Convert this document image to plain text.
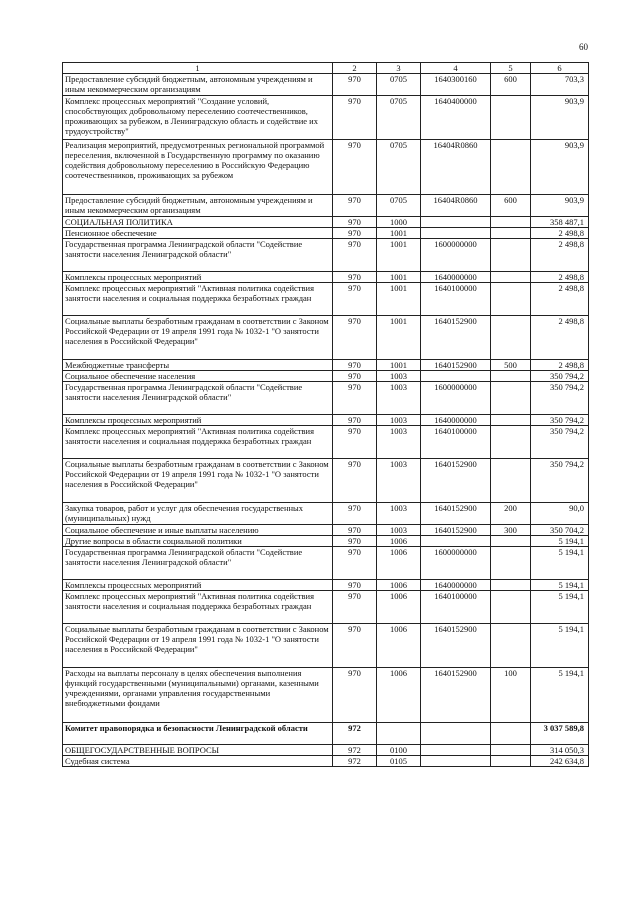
60
1	2	3	4	5	6
Предоставление субсидий бюджетным, автономным учреждениям и иным некоммерческим организациям	970	0705	1640300160	600	703,3
Комплекс процессных мероприятий "Создание условий, способствующих добровольному переселению соотечественников, проживающих за рубежом, в Ленинградскую область и содействие их трудоустройству"	970	0705	1640400000		903,9
Реализация мероприятий, предусмотренных региональной программой переселения, включенной в Государственную программу по оказанию содействия добровольному переселению в Российскую Федерацию соотечественников, проживающих за рубежом	970	0705	16404R0860		903,9
Предоставление субсидий бюджетным, автономным учреждениям и иным некоммерческим организациям	970	0705	16404R0860	600	903,9
СОЦИАЛЬНАЯ ПОЛИТИКА	970	1000			358 487,1
Пенсионное обеспечение	970	1001			2 498,8
Государственная программа Ленинградской области "Содействие занятости населения Ленинградской области"	970	1001	1600000000		2 498,8
Комплексы процессных мероприятий	970	1001	1640000000		2 498,8
Комплекс процессных мероприятий "Активная политика содействия занятости населения и социальная поддержка безработных граждан	970	1001	1640100000		2 498,8
Социальные выплаты безработным гражданам в соответствии с Законом Российской Федерации от 19 апреля 1991 года № 1032-1 "О занятости населения в Российской Федерации"	970	1001	1640152900		2 498,8
Межбюджетные трансферты	970	1001	1640152900	500	2 498,8
Социальное обеспечение населения	970	1003			350 794,2
Государственная программа Ленинградской области "Содействие занятости населения Ленинградской области"	970	1003	1600000000		350 794,2
Комплексы процессных мероприятий	970	1003	1640000000		350 794,2
Комплекс процессных мероприятий "Активная политика содействия занятости населения и социальная поддержка безработных граждан	970	1003	1640100000		350 794,2
Социальные выплаты безработным гражданам в соответствии с Законом Российской Федерации от 19 апреля 1991 года № 1032-1 "О занятости населения в Российской Федерации"	970	1003	1640152900		350 794,2
Закупка товаров, работ и услуг для обеспечения государственных (муниципальных) нужд	970	1003	1640152900	200	90,0
Социальное обеспечение и иные выплаты населению	970	1003	1640152900	300	350 704,2
Другие вопросы в области социальной политики	970	1006			5 194,1
Государственная программа Ленинградской области "Содействие занятости населения Ленинградской области"	970	1006	1600000000		5 194,1
Комплексы процессных мероприятий	970	1006	1640000000		5 194,1
Комплекс процессных мероприятий "Активная политика содействия занятости населения и социальная поддержка безработных граждан	970	1006	1640100000		5 194,1
Социальные выплаты безработным гражданам в соответствии с Законом Российской Федерации от 19 апреля 1991 года № 1032-1 "О занятости населения в Российской Федерации"	970	1006	1640152900		5 194,1
Расходы на выплаты персоналу в целях обеспечения выполнения функций государственными (муниципальными) органами, казенными учреждениями, органами управления государственными внебюджетными фондами	970	1006	1640152900	100	5 194,1
Комитет правопорядка и безопасности Ленинградской области	972				3 037 589,8
ОБЩЕГОСУДАРСТВЕННЫЕ ВОПРОСЫ	972	0100			314 050,3
Судебная система	972	0105			242 634,8
